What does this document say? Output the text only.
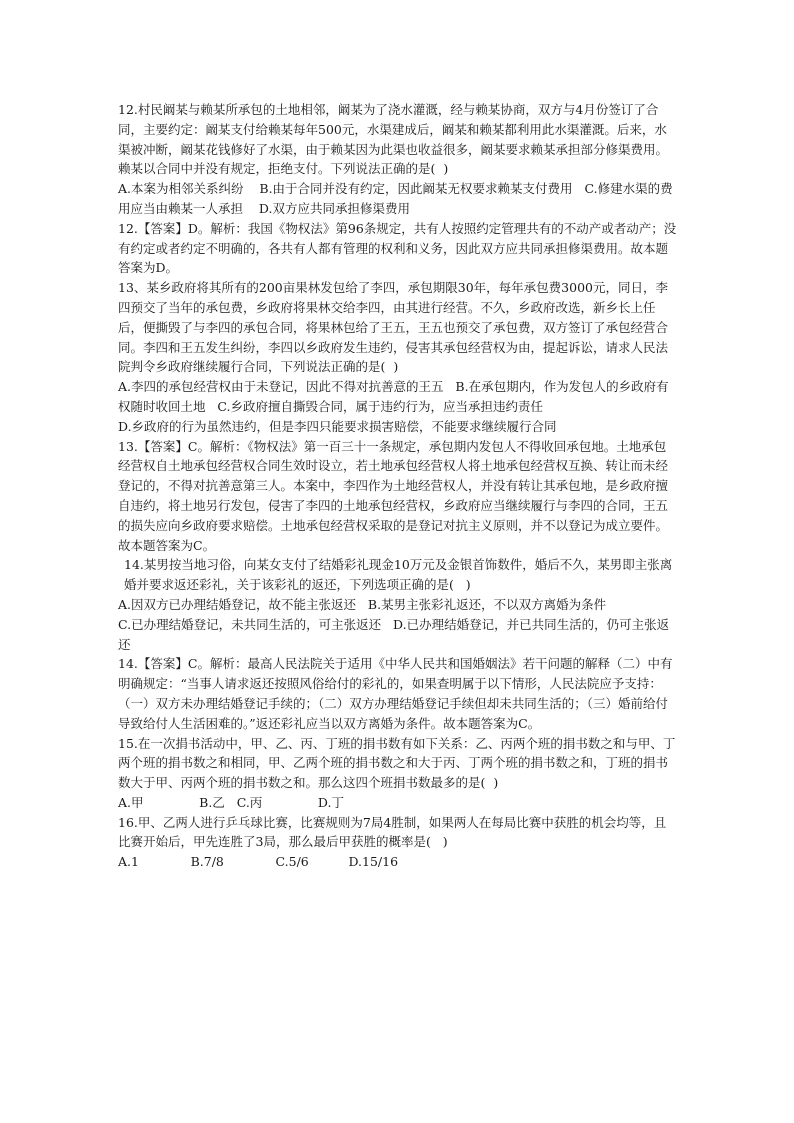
12.村民阚某与赖某所承包的土地相邻，阚某为了浇水灌溉，经与赖某协商，双方与4月份签订了合同，主要约定：阚某支付给赖某每年500元，水渠建成后，阚某和赖某都利用此水渠灌溉。后来，水渠被冲断，阚某花钱修好了水渠，由于赖某因为此渠也收益很多，阚某要求赖某承担部分修渠费用。赖某以合同中并没有规定，拒绝支付。下列说法正确的是(  )

A.本案为相邻关系纠纷    B.由于合同并没有约定，因此阚某无权要求赖某支付费用   C.修建水渠的费用应当由赖某一人承担    D.双方应共同承担修渠费用

12.【答案】D。解析：我国《物权法》第96条规定，共有人按照约定管理共有的不动产或者动产；没有约定或者约定不明确的，各共有人都有管理的权利和义务，因此双方应共同承担修渠费用。故本题答案为D。

13、某乡政府将其所有的200亩果林发包给了李四，承包期限30年，每年承包费3000元，同日，李四预交了当年的承包费，乡政府将果林交给李四，由其进行经营。不久，乡政府改选，新乡长上任后，便撕毁了与李四的承包合同，将果林包给了王五，王五也预交了承包费，双方签订了承包经营合同。李四和王五发生纠纷，李四以乡政府发生违约，侵害其承包经营权为由，提起诉讼，请求人民法院判令乡政府继续履行合同，下列说法正确的是(  )

A.李四的承包经营权由于未登记，因此不得对抗善意的王五   B.在承包期内，作为发包人的乡政府有权随时收回土地   C.乡政府擅自撕毁合同，属于违约行为，应当承担违约责任

D.乡政府的行为虽然违约，但是李四只能要求损害赔偿，不能要求继续履行合同

13.【答案】C。解析：《物权法》第一百三十一条规定，承包期内发包人不得收回承包地。土地承包经营权自土地承包经营权合同生效时设立，若土地承包经营权人将土地承包经营权互换、转让而未经登记的，不得对抗善意第三人。本案中，李四作为土地经营权人，并没有转让其承包地，是乡政府擅自违约，将土地另行发包，侵害了李四的土地承包经营权，乡政府应当继续履行与李四的合同，王五的损失应向乡政府要求赔偿。土地承包经营权采取的是登记对抗主义原则，并不以登记为成立要件。故本题答案为C。

14.某男按当地习俗，向某女支付了结婚彩礼现金10万元及金银首饰数件，婚后不久，某男即主张离婚并要求返还彩礼，关于该彩礼的返还，下列选项正确的是(   )

A.因双方已办理结婚登记，故不能主张返还   B.某男主张彩礼返还，不以双方离婚为条件

C.已办理结婚登记，未共同生活的，可主张返还   D.已办理结婚登记，并已共同生活的，仍可主张返还

14.【答案】C。解析：最高人民法院关于适用《中华人民共和国婚姻法》若干问题的解释（二）中有明确规定：“当事人请求返还按照风俗给付的彩礼的，如果查明属于以下情形，人民法院应予支持：（一）双方未办理结婚登记手续的；（二）双方办理结婚登记手续但却未共同生活的；（三）婚前给付导致给付人生活困难的。”返还彩礼应当以双方离婚为条件。故本题答案为C。

15.在一次捐书活动中，甲、乙、丙、丁班的捐书数有如下关系：乙、丙两个班的捐书数之和与甲、丁两个班的捐书数之和相同，甲、乙两个班的捐书数之和大于丙、丁两个班的捐书数之和，丁班的捐书数大于甲、丙两个班的捐书数之和。那么这四个班捐书数最多的是(  )

A.甲              B.乙   C.丙              D.丁

16.甲、乙两人进行乒乓球比赛，比赛规则为7局4胜制，如果两人在每局比赛中获胜的机会均等，且比赛开始后，甲先连胜了3局，那么最后甲获胜的概率是(   )

A.1             B.7/8             C.5/6          D.15/16
